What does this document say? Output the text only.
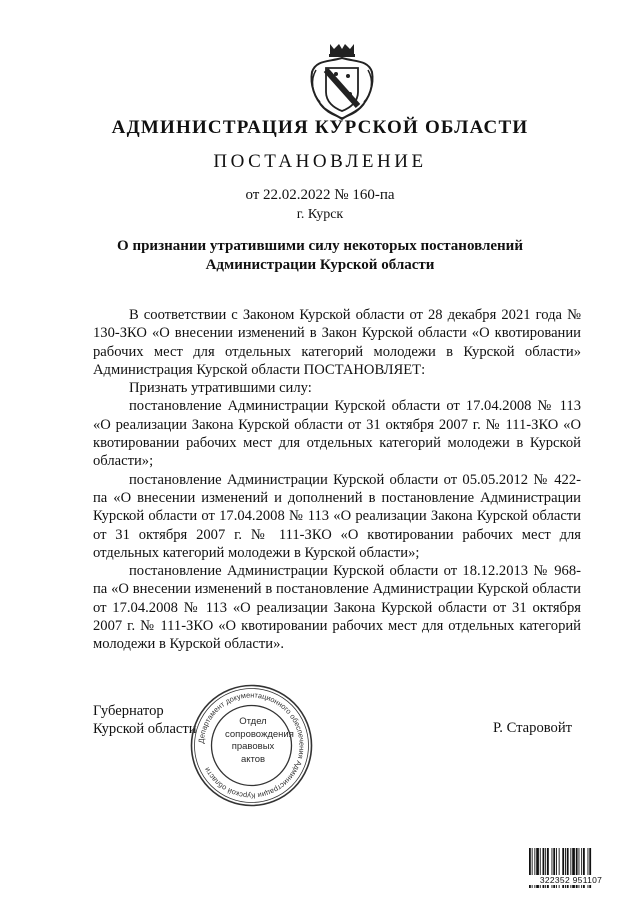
АДМИНИСТРАЦИЯ КУРСКОЙ ОБЛАСТИ
ПОСТАНОВЛЕНИЕ
от 22.02.2022 № 160-па
г. Курск
О признании утратившими силу некоторых постановлений
Администрации Курской области

В соответствии с Законом Курской области от 28 декабря 2021 года № 130-ЗКО «О внесении изменений в Закон Курской области «О квотировании рабочих мест для отдельных категорий молодежи в Курской области» Администрация Курской области ПОСТАНОВЛЯЕТ:

Признать утратившими силу:

постановление Администрации Курской области от 17.04.2008 № 113 «О реализации Закона Курской области от 31 октября 2007 г. № 111-ЗКО «О квотировании рабочих мест для отдельных категорий молодежи в Курской области»;

постановление Администрации Курской области от 05.05.2012 № 422-па «О внесении изменений и дополнений в постановление Администрации Курской области от 17.04.2008 № 113 «О реализации Закона Курской области от 31 октября 2007 г. № 111-ЗКО «О квотировании рабочих мест для отдельных категорий молодежи в Курской области»;

постановление Администрации Курской области от 18.12.2013 № 968-па «О внесении изменений в постановление Администрации Курской области от 17.04.2008 № 113 «О реализации Закона Курской области от 31 октября 2007 г. № 111-ЗКО «О квотировании рабочих мест для отдельных категорий молодежи в Курской области».

Губернатор
Курской области	Р. Старовойт
Департамент документационного обеспечения Администрации Курской области
Отдел
сопровождения
правовых
актов
322352 951107
